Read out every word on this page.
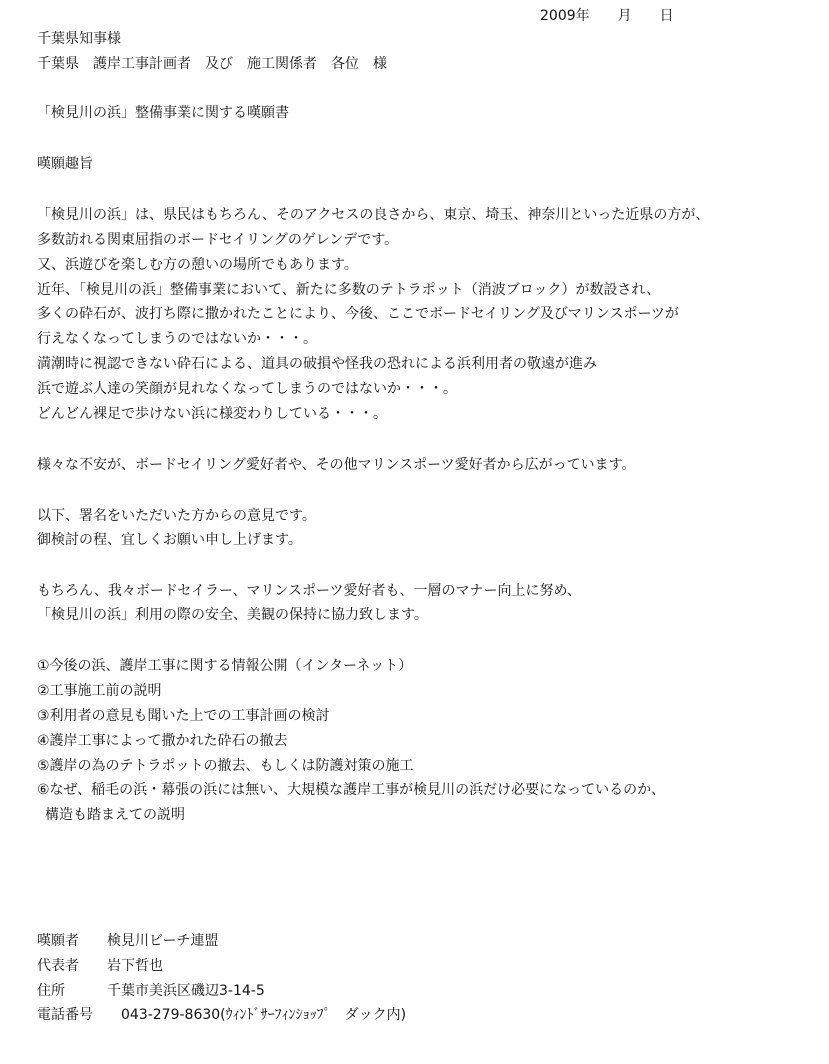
2009年　　月　　日
千葉県知事様
千葉県　護岸工事計画者　及び　施工関係者　各位　様
「検見川の浜」整備事業に関する嘆願書
嘆願趣旨
「検見川の浜」は、県民はもちろん、そのアクセスの良さから、東京、埼玉、神奈川といった近県の方が、
多数訪れる関東屈指のボードセイリングのゲレンデです。
又、浜遊びを楽しむ方の憩いの場所でもあります。
近年、「検見川の浜」整備事業において、新たに多数のテトラポット（消波ブロック）が数設され、
多くの砕石が、波打ち際に撒かれたことにより、今後、ここでボードセイリング及びマリンスポーツが
行えなくなってしまうのではないか・・・。
満潮時に視認できない砕石による、道具の破損や怪我の恐れによる浜利用者の敬遠が進み
浜で遊ぶ人達の笑顔が見れなくなってしまうのではないか・・・。
どんどん裸足で歩けない浜に様変わりしている・・・。
様々な不安が、ボードセイリング愛好者や、その他マリンスポーツ愛好者から広がっています。
以下、署名をいただいた方からの意見です。
御検討の程、宜しくお願い申し上げます。
もちろん、我々ボードセイラー、マリンスポーツ愛好者も、一層のマナー向上に努め、
「検見川の浜」利用の際の安全、美観の保持に協力致します。
①今後の浜、護岸工事に関する情報公開（インターネット）
②工事施工前の説明
③利用者の意見も聞いた上での工事計画の検討
④護岸工事によって撒かれた砕石の撤去
⑤護岸の為のテトラポットの撤去、もしくは防護対策の施工
⑥なぜ、稲毛の浜・幕張の浜には無い、大規模な護岸工事が検見川の浜だけ必要になっているのか、
構造も踏まえての説明
嘆願者　　検見川ビーチ連盟
代表者　　岩下哲也
住所　　　千葉市美浜区磯辺3-14-5
電話番号　　043-279-8630(ｳｨﾝﾄﾞｻｰﾌｨﾝｼｮｯﾌﾟ　ダック内)
